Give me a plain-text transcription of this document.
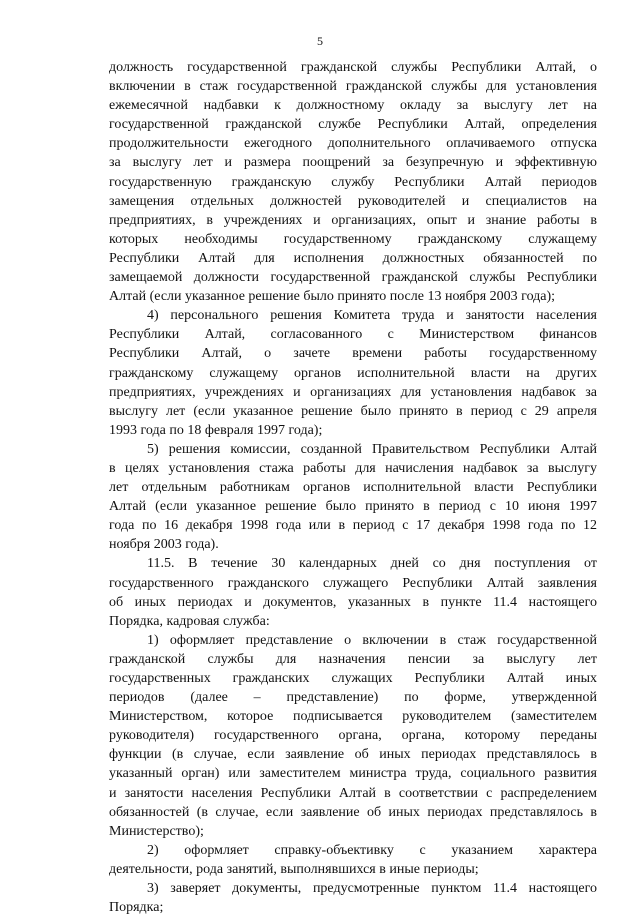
5
должность государственной гражданской службы Республики Алтай, о
включении в стаж государственной гражданской службы для установления
ежемесячной надбавки к должностному окладу за выслугу лет на
государственной гражданской службе Республики Алтай, определения
продолжительности ежегодного дополнительного оплачиваемого отпуска
за выслугу лет и размера поощрений за безупречную и эффективную
государственную гражданскую службу Республики Алтай периодов
замещения отдельных должностей руководителей и специалистов на
предприятиях, в учреждениях и организациях, опыт и знание работы в
которых необходимы государственному гражданскому служащему
Республики Алтай для исполнения должностных обязанностей по
замещаемой должности государственной гражданской службы Республики
Алтай (если указанное решение было принято после 13 ноября 2003 года);
4) персонального решения Комитета труда и занятости населения
Республики Алтай, согласованного с Министерством финансов
Республики Алтай, о зачете времени работы государственному
гражданскому служащему органов исполнительной власти на других
предприятиях, учреждениях и организациях для установления надбавок за
выслугу лет (если указанное решение было принято в период с 29 апреля
1993 года по 18 февраля 1997 года);
5) решения комиссии, созданной Правительством Республики Алтай
в целях установления стажа работы для начисления надбавок за выслугу
лет отдельным работникам органов исполнительной власти Республики
Алтай (если указанное решение было принято в период с 10 июня 1997
года по 16 декабря 1998 года или в период с 17 декабря 1998 года по 12
ноября 2003 года).
11.5. В течение 30 календарных дней со дня поступления от
государственного гражданского служащего Республики Алтай заявления
об иных периодах и документов, указанных в пункте 11.4 настоящего
Порядка, кадровая служба:
1) оформляет представление о включении в стаж государственной
гражданской службы для назначения пенсии за выслугу лет
государственных гражданских служащих Республики Алтай иных
периодов (далее – представление) по форме, утвержденной
Министерством, которое подписывается руководителем (заместителем
руководителя) государственного органа, органа, которому переданы
функции (в случае, если заявление об иных периодах представлялось в
указанный орган) или заместителем министра труда, социального развития
и занятости населения Республики Алтай в соответствии с распределением
обязанностей (в случае, если заявление об иных периодах представлялось в
Министерство);
2) оформляет справку-объективку с указанием характера
деятельности, рода занятий, выполнявшихся в иные периоды;
3) заверяет документы, предусмотренные пунктом 11.4 настоящего
Порядка;
